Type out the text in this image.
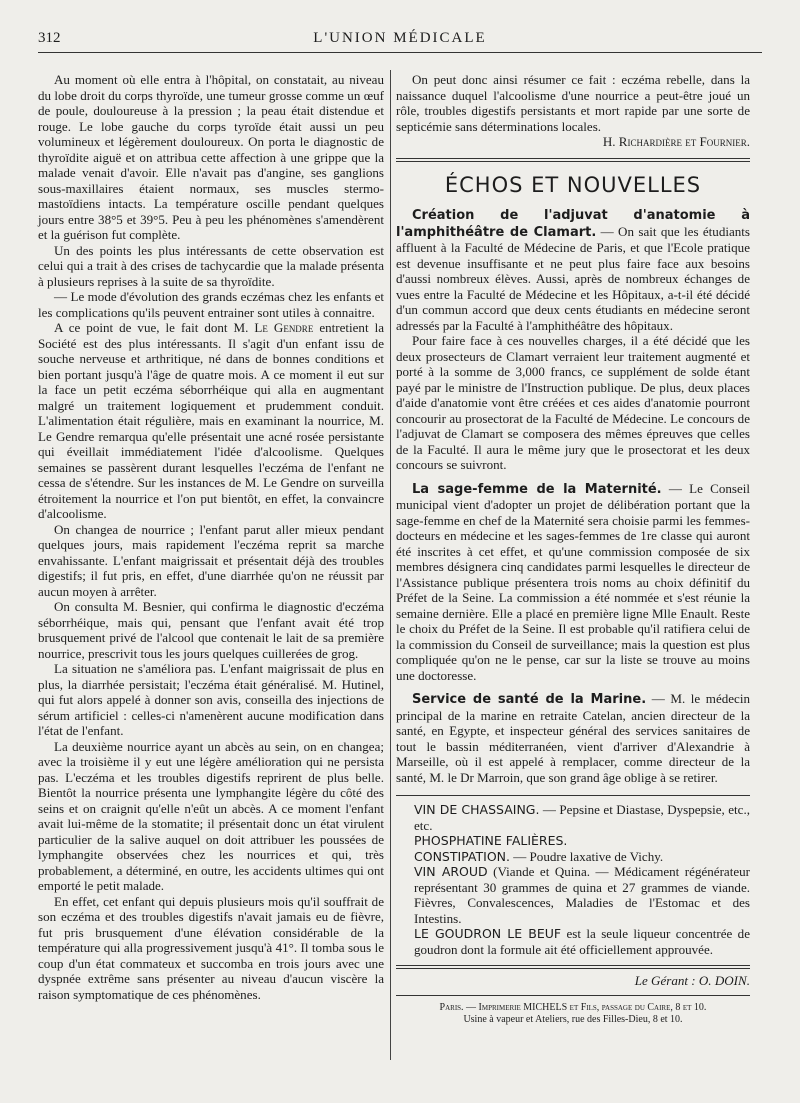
312	L'UNION MÉDICALE

Au moment où elle entra à l'hôpital, on constatait, au niveau du lobe droit du corps thyroïde, une tumeur grosse comme un œuf de poule, douloureuse à la pression ; la peau était distendue et rouge. Le lobe gauche du corps tyroïde était aussi un peu volumineux et légèrement douloureux. On porta le diagnostic de thyroïdite aiguë et on attribua cette affection à une grippe que la malade venait d'avoir. Elle n'avait pas d'angine, ses ganglions sous-maxillaires étaient normaux, ses muscles stermo-mastoïdiens intacts. La température oscille pendant quelques jours entre 38°5 et 39°5. Peu à peu les phénomènes s'amendèrent et la guérison fut complète.

Un des points les plus intéressants de cette observation est celui qui a trait à des crises de tachycardie que la malade présenta à plusieurs reprises à la suite de sa thyroïdite.

— Le mode d'évolution des grands eczémas chez les enfants et les complications qu'ils peuvent entrainer sont utiles à connaitre.

A ce point de vue, le fait dont M. Le Gendre entretient la Société est des plus intéressants. Il s'agit d'un enfant issu de souche nerveuse et arthritique, né dans de bonnes conditions et bien portant jusqu'à l'âge de quatre mois. A ce moment il eut sur la face un petit eczéma séborrhéique qui alla en augmentant malgré un traitement logiquement et prudemment conduit. L'alimentation était régulière, mais en examinant la nourrice, M. Le Gendre remarqua qu'elle présentait une acné rosée persistante qui éveillait immédiatement l'idée d'alcoolisme. Quelques semaines se passèrent durant lesquelles l'eczéma de l'enfant ne cessa de s'étendre. Sur les instances de M. Le Gendre on surveilla étroitement la nourrice et l'on put bientôt, en effet, la convaincre d'alcoolisme.

On changea de nourrice ; l'enfant parut aller mieux pendant quelques jours, mais rapidement l'eczéma reprit sa marche envahissante. L'enfant maigrissait et présentait déjà des troubles digestifs; il fut pris, en effet, d'une diarrhée qu'on ne réussit par aucun moyen à arrêter.

On consulta M. Besnier, qui confirma le diagnostic d'eczéma séborrhéique, mais qui, pensant que l'enfant avait été trop brusquement privé de l'alcool que contenait le lait de sa première nourrice, prescrivit tous les jours quelques cuillerées de grog.

La situation ne s'améliora pas. L'enfant maigrissait de plus en plus, la diarrhée persistait; l'eczéma était généralisé. M. Hutinel, qui fut alors appelé à donner son avis, conseilla des injections de sérum artificiel : celles-ci n'amenèrent aucune modification dans l'état de l'enfant.

La deuxième nourrice ayant un abcès au sein, on en changea; avec la troisième il y eut une légère amélioration qui ne persista pas. L'eczéma et les troubles digestifs reprirent de plus belle. Bientôt la nourrice présenta une lymphangite légère du côté des seins et on craignit qu'elle n'eût un abcès. A ce moment l'enfant avait lui-même de la stomatite; il présentait donc un état virulent particulier de la salive auquel on doit attribuer les poussées de lymphangite observées chez les nourrices et qui, très probablement, a déterminé, en outre, les accidents ultimes qui ont emporté le petit malade.

En effet, cet enfant qui depuis plusieurs mois qu'il souffrait de son eczéma et des troubles digestifs n'avait jamais eu de fièvre, fut pris brusquement d'une élévation considérable de la température qui alla progressivement jusqu'à 41°. Il tomba sous le coup d'un état commateux et succomba en trois jours avec une dyspnée extrême sans présenter au niveau d'aucun viscère la raison symptomatique de ces phénomènes.

On peut donc ainsi résumer ce fait : eczéma rebelle, dans la naissance duquel l'alcoolisme d'une nourrice a peut-être joué un rôle, troubles digestifs persistants et mort rapide par une sorte de septicémie sans déterminations locales.

H. Richardière et Fournier.
ÉCHOS ET NOUVELLES

Création de l'adjuvat d'anatomie à l'amphithéâtre de Clamart. — On sait que les étudiants affluent à la Faculté de Médecine de Paris, et que l'Ecole pratique est devenue insuffisante et ne peut plus faire face aux besoins d'aussi nombreux élèves. Aussi, après de nombreux échanges de vues entre la Faculté de Médecine et les Hôpitaux, a-t-il été décidé d'un commun accord que deux cents étudiants en médecine seront adressés par la Faculté à l'amphithéâtre des hôpitaux.

Pour faire face à ces nouvelles charges, il a été décidé que les deux prosecteurs de Clamart verraient leur traitement augmenté et porté à la somme de 3,000 francs, ce supplément de solde étant payé par le ministre de l'Instruction publique. De plus, deux places d'aide d'anatomie vont être créées et ces aides d'anatomie pourront concourir au prosectorat de la Faculté de Médecine. Le concours de l'adjuvat de Clamart se composera des mêmes épreuves que celles de la Faculté. Il aura le même jury que le prosectorat et les deux concours se suivront.

La sage-femme de la Maternité. — Le Conseil municipal vient d'adopter un projet de délibération portant que la sage-femme en chef de la Maternité sera choisie parmi les femmes-docteurs en médecine et les sages-femmes de 1re classe qui auront été inscrites à cet effet, et qu'une commission composée de six membres désignera cinq candidates parmi lesquelles le directeur de l'Assistance publique présentera trois noms au choix définitif du Préfet de la Seine. La commission a été nommée et s'est réunie la semaine dernière. Elle a placé en première ligne Mlle Enault. Reste le choix du Préfet de la Seine. Il est probable qu'il ratifiera celui de la commission du Conseil de surveillance; mais la question est plus compliquée qu'on ne le pense, car sur la liste se trouve au moins une doctoresse.

Service de santé de la Marine. — M. le médecin principal de la marine en retraite Catelan, ancien directeur de la santé, en Egypte, et inspecteur général des services sanitaires de tout le bassin méditerranéen, vient d'arriver d'Alexandrie à Marseille, où il est appelé à remplacer, comme directeur de la santé, M. le Dr Marroin, que son grand âge oblige à se retirer.

VIN DE CHASSAING. — Pepsine et Diastase, Dyspepsie, etc., etc.

PHOSPHATINE FALIÈRES.

CONSTIPATION. — Poudre laxative de Vichy.

VIN AROUD (Viande et Quina. — Médicament régénérateur représentant 30 grammes de quina et 27 grammes de viande. Fièvres, Convalescences, Maladies de l'Estomac et des Intestins.

LE GOUDRON LE BEUF est la seule liqueur concentrée de goudron dont la formule ait été officiellement approuvée.

Le Gérant : O. DOIN.

Paris. — Imprimerie MICHELS et Fils, passage du Caire, 8 et 10.

Usine à vapeur et Ateliers, rue des Filles-Dieu, 8 et 10.
